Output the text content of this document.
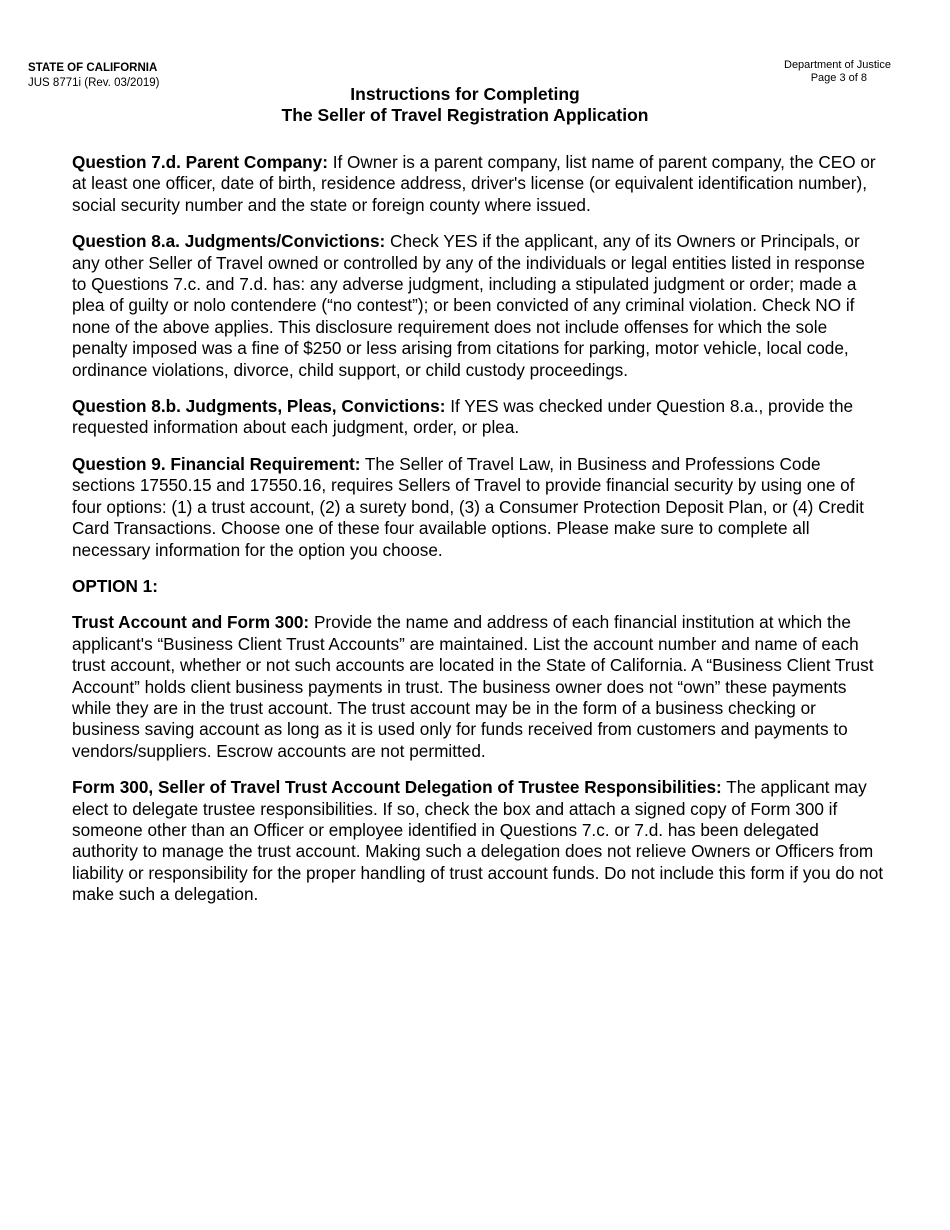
STATE OF CALIFORNIA
JUS 8771i (Rev. 03/2019)
Department of Justice
Page 3 of 8
Instructions for Completing
The Seller of Travel Registration Application

Question 7.d. Parent Company: If Owner is a parent company, list name of parent company, the CEO or at least one officer, date of birth, residence address, driver's license (or equivalent identification number), social security number and the state or foreign county where issued.

Question 8.a. Judgments/Convictions: Check YES if the applicant, any of its Owners or Principals, or any other Seller of Travel owned or controlled by any of the individuals or legal entities listed in response to Questions 7.c. and 7.d. has: any adverse judgment, including a stipulated judgment or order; made a plea of guilty or nolo contendere (“no contest”); or been convicted of any criminal violation. Check NO if none of the above applies. This disclosure requirement does not include offenses for which the sole penalty imposed was a fine of $250 or less arising from citations for parking, motor vehicle, local code, ordinance violations, divorce, child support, or child custody proceedings.

Question 8.b. Judgments, Pleas, Convictions: If YES was checked under Question 8.a., provide the requested information about each judgment, order, or plea.

Question 9. Financial Requirement: The Seller of Travel Law, in Business and Professions Code sections 17550.15 and 17550.16, requires Sellers of Travel to provide financial security by using one of four options: (1) a trust account, (2) a surety bond, (3) a Consumer Protection Deposit Plan, or (4) Credit Card Transactions. Choose one of these four available options. Please make sure to complete all necessary information for the option you choose.

OPTION 1:

Trust Account and Form 300: Provide the name and address of each financial institution at which the applicant's “Business Client Trust Accounts” are maintained. List the account number and name of each trust account, whether or not such accounts are located in the State of California. A “Business Client Trust Account” holds client business payments in trust. The business owner does not “own” these payments while they are in the trust account. The trust account may be in the form of a business checking or business saving account as long as it is used only for funds received from customers and payments to vendors/suppliers. Escrow accounts are not permitted.

Form 300, Seller of Travel Trust Account Delegation of Trustee Responsibilities: The applicant may elect to delegate trustee responsibilities. If so, check the box and attach a signed copy of Form 300 if someone other than an Officer or employee identified in Questions 7.c. or 7.d. has been delegated authority to manage the trust account. Making such a delegation does not relieve Owners or Officers from liability or responsibility for the proper handling of trust account funds. Do not include this form if you do not make such a delegation.
